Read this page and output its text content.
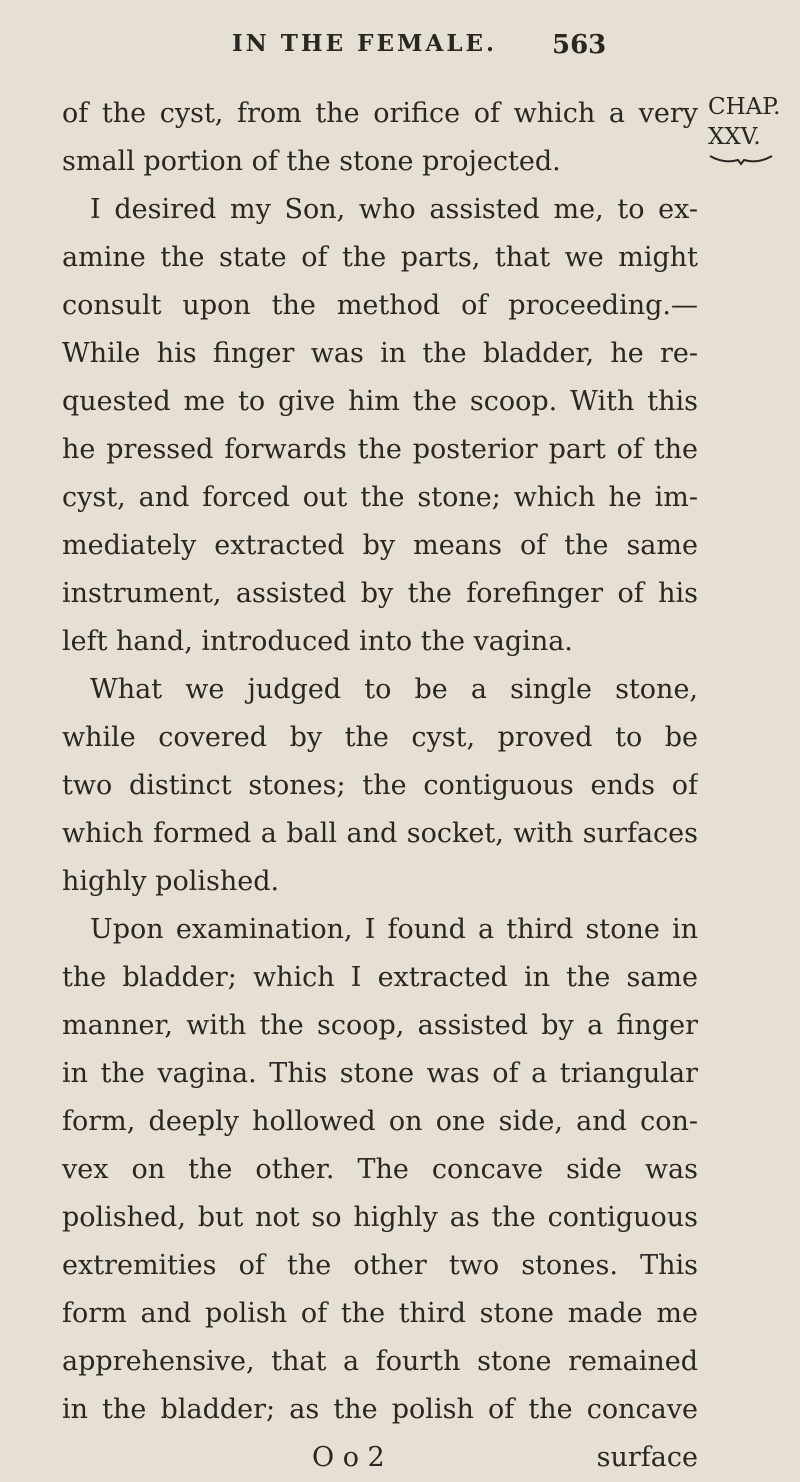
IN THE FEMALE. 563
CHAP.
XXV.
of the cyst, from the orifice of which a very
small portion of the stone projected.
I desired my Son, who assisted me, to ex-
amine the state of the parts, that we might
consult upon the method of proceeding.—
While his finger was in the bladder, he re-
quested me to give him the scoop. With this
he pressed forwards the posterior part of the
cyst, and forced out the stone; which he im-
mediately extracted by means of the same
instrument, assisted by the forefinger of his
left hand, introduced into the vagina.
What we judged to be a single stone,
while covered by the cyst, proved to be
two distinct stones; the contiguous ends of
which formed a ball and socket, with surfaces
highly polished.
Upon examination, I found a third stone in
the bladder; which I extracted in the same
manner, with the scoop, assisted by a finger
in the vagina. This stone was of a triangular
form, deeply hollowed on one side, and con-
vex on the other. The concave side was
polished, but not so highly as the contiguous
extremities of the other two stones. This
form and polish of the third stone made me
apprehensive, that a fourth stone remained
in the bladder; as the polish of the concave
O o 2	surface
